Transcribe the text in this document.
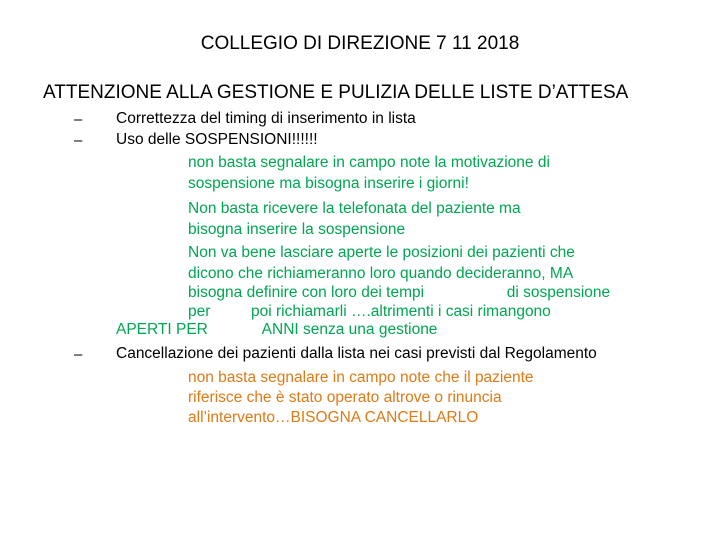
COLLEGIO DI DIREZIONE 7 11 2018
ATTENZIONE ALLA GESTIONE E PULIZIA DELLE LISTE D’ATTESA
– Correttezza del timing di inserimento in lista
– Uso delle SOSPENSIONI!!!!!!
non basta segnalare in campo note la motivazione di
sospensione ma bisogna inserire i giorni!
Non basta ricevere la telefonata del paziente ma
bisogna inserire la sospensione
Non va bene lasciare aperte le posizioni dei pazienti che
dicono che richiameranno loro quando decideranno, MA
bisogna definire con loro dei tempi	di sospensione
per	poi richiamarli ….altrimenti i casi rimangono
APERTI PER	ANNI senza una gestione
– Cancellazione dei pazienti dalla lista nei casi previsti dal Regolamento
non basta segnalare in campo note che il paziente
riferisce che è stato operato altrove o rinuncia
all’intervento…BISOGNA CANCELLARLO
